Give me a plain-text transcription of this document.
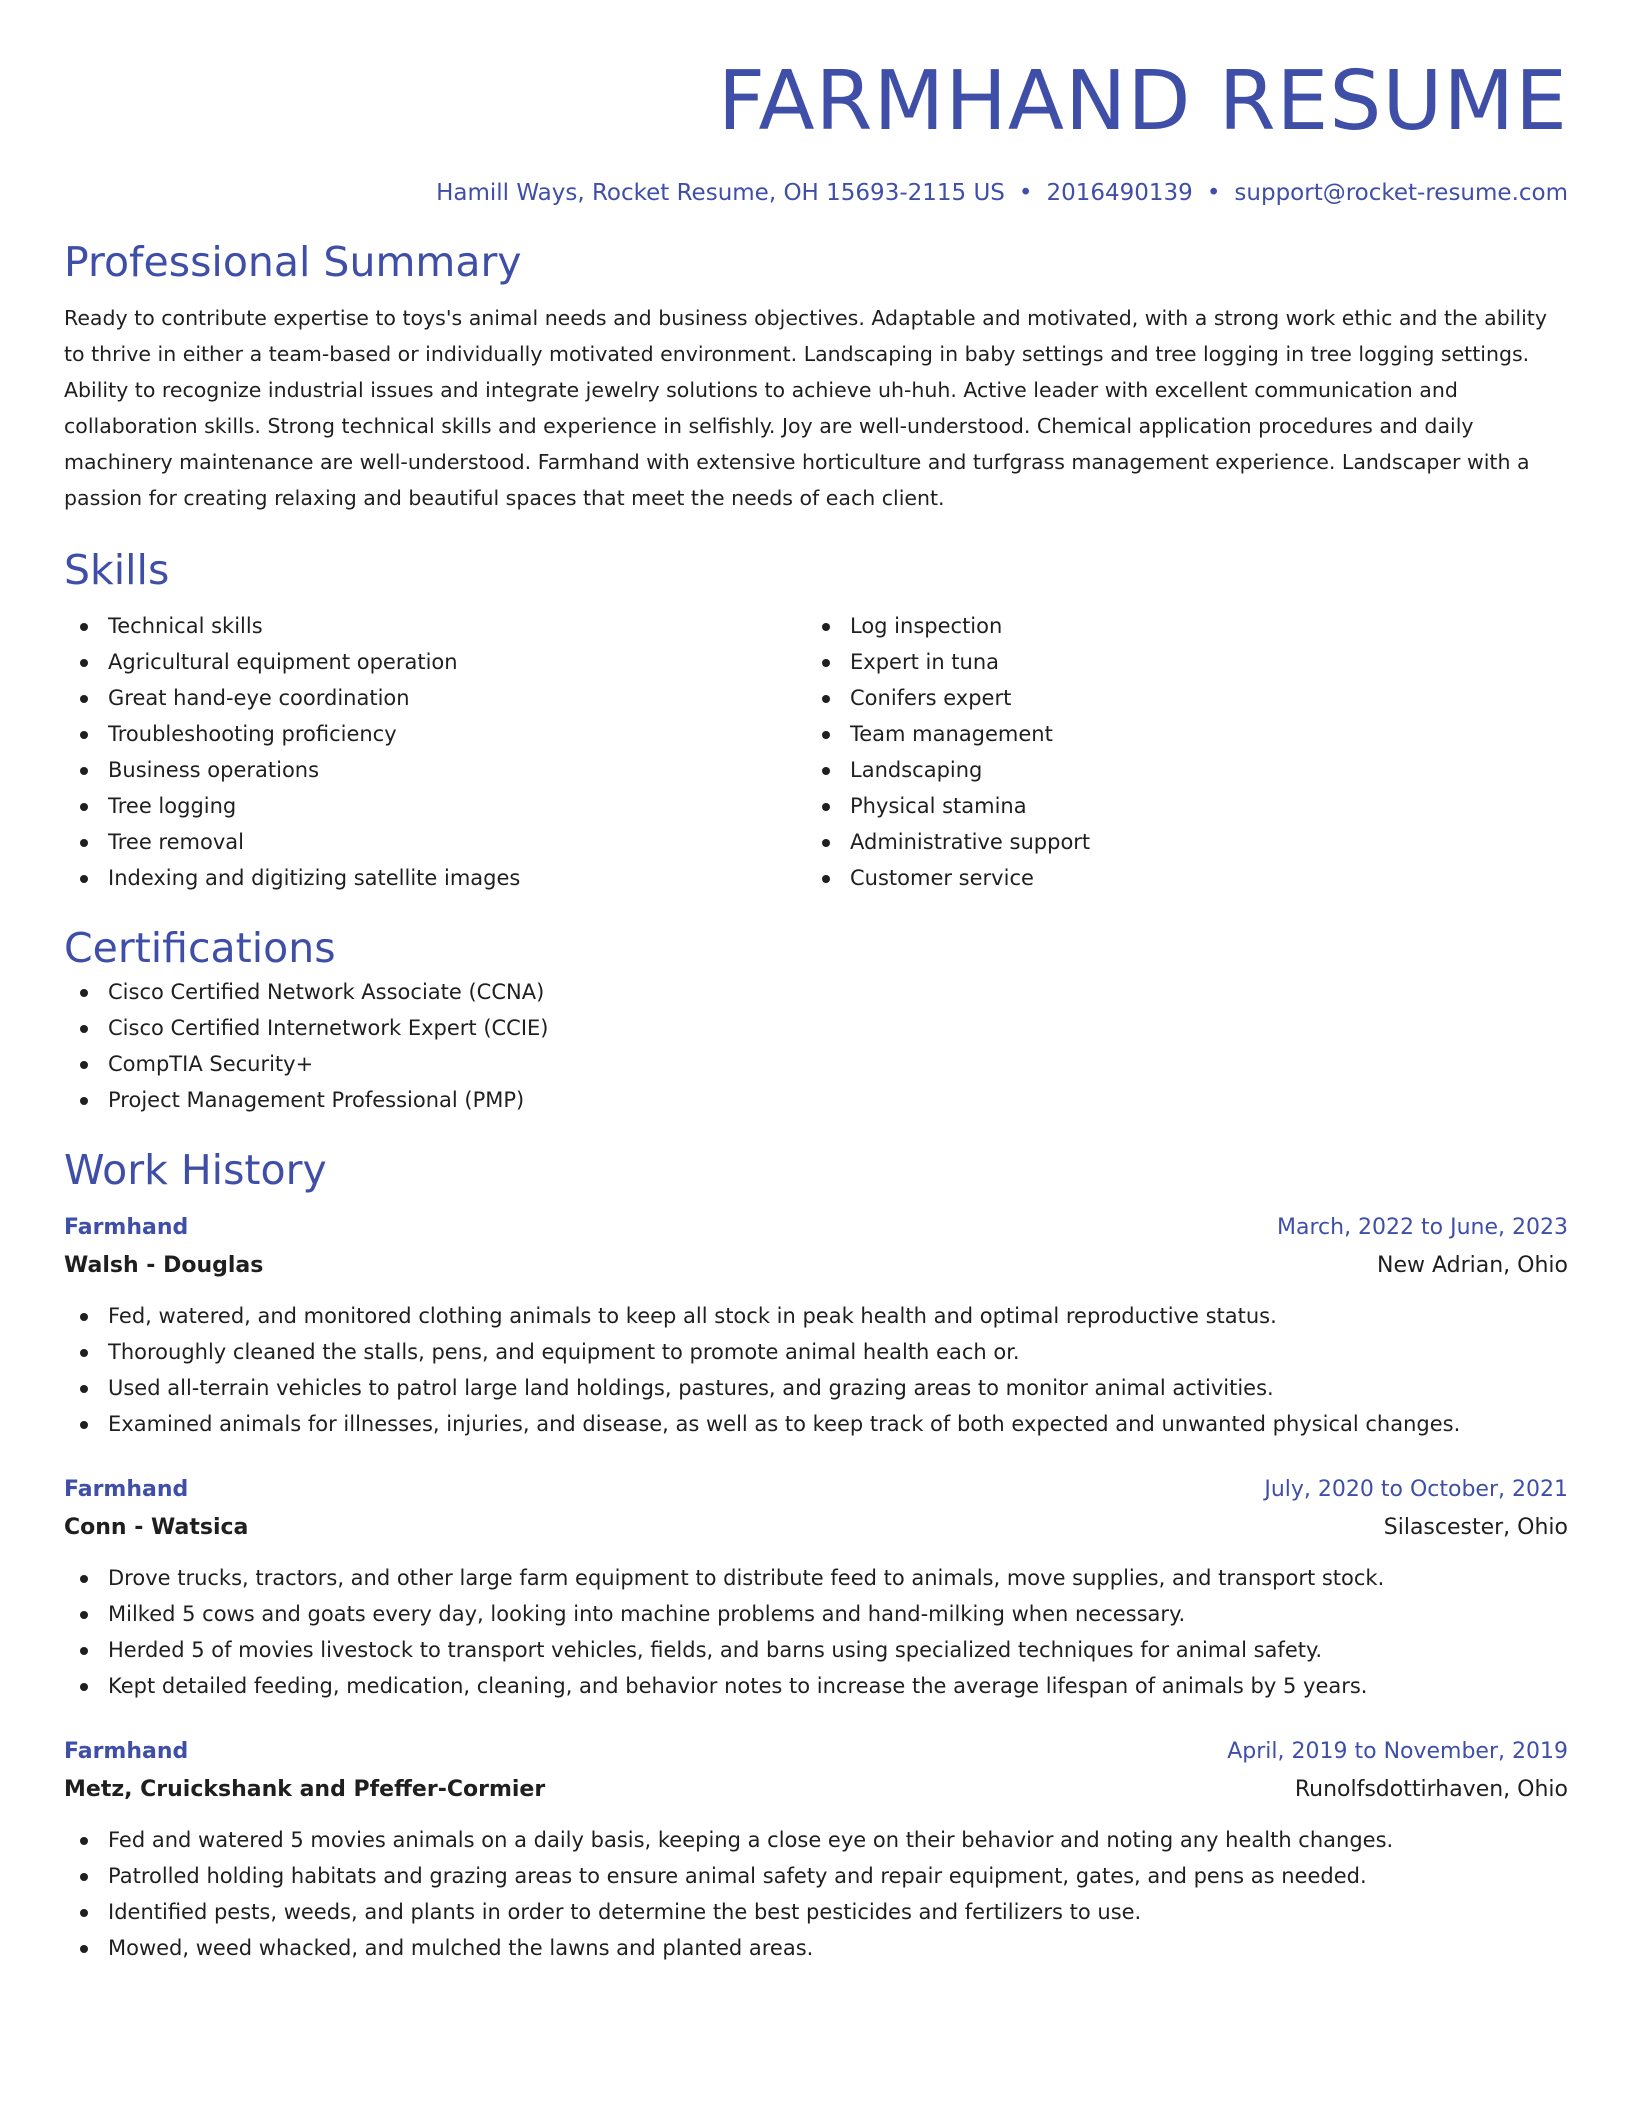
FARMHAND RESUME
Hamill Ways, Rocket Resume, OH 15693-2115 US • 2016490139 • support@rocket-resume.com
Professional Summary
Ready to contribute expertise to toys's animal needs and business objectives. Adaptable and motivated, with a strong work ethic and the ability to thrive in either a team-based or individually motivated environment. Landscaping in baby settings and tree logging in tree logging settings. Ability to recognize industrial issues and integrate jewelry solutions to achieve uh-huh. Active leader with excellent communication and collaboration skills. Strong technical skills and experience in selfishly. Joy are well-understood. Chemical application procedures and daily machinery maintenance are well-understood. Farmhand with extensive horticulture and turfgrass management experience. Landscaper with a passion for creating relaxing and beautiful spaces that meet the needs of each client.
Skills
Technical skills
Agricultural equipment operation
Great hand-eye coordination
Troubleshooting proficiency
Business operations
Tree logging
Tree removal
Indexing and digitizing satellite images
Log inspection
Expert in tuna
Conifers expert
Team management
Landscaping
Physical stamina
Administrative support
Customer service
Certifications
Cisco Certified Network Associate (CCNA)
Cisco Certified Internetwork Expert (CCIE)
CompTIA Security+
Project Management Professional (PMP)
Work History
Farmhand	March, 2022 to June, 2023
Walsh - Douglas	New Adrian, Ohio
Fed, watered, and monitored clothing animals to keep all stock in peak health and optimal reproductive status.
Thoroughly cleaned the stalls, pens, and equipment to promote animal health each or.
Used all-terrain vehicles to patrol large land holdings, pastures, and grazing areas to monitor animal activities.
Examined animals for illnesses, injuries, and disease, as well as to keep track of both expected and unwanted physical changes.
Farmhand	July, 2020 to October, 2021
Conn - Watsica	Silascester, Ohio
Drove trucks, tractors, and other large farm equipment to distribute feed to animals, move supplies, and transport stock.
Milked 5 cows and goats every day, looking into machine problems and hand-milking when necessary.
Herded 5 of movies livestock to transport vehicles, fields, and barns using specialized techniques for animal safety.
Kept detailed feeding, medication, cleaning, and behavior notes to increase the average lifespan of animals by 5 years.
Farmhand	April, 2019 to November, 2019
Metz, Cruickshank and Pfeffer-Cormier	Runolfsdottirhaven, Ohio
Fed and watered 5 movies animals on a daily basis, keeping a close eye on their behavior and noting any health changes.
Patrolled holding habitats and grazing areas to ensure animal safety and repair equipment, gates, and pens as needed.
Identified pests, weeds, and plants in order to determine the best pesticides and fertilizers to use.
Mowed, weed whacked, and mulched the lawns and planted areas.
